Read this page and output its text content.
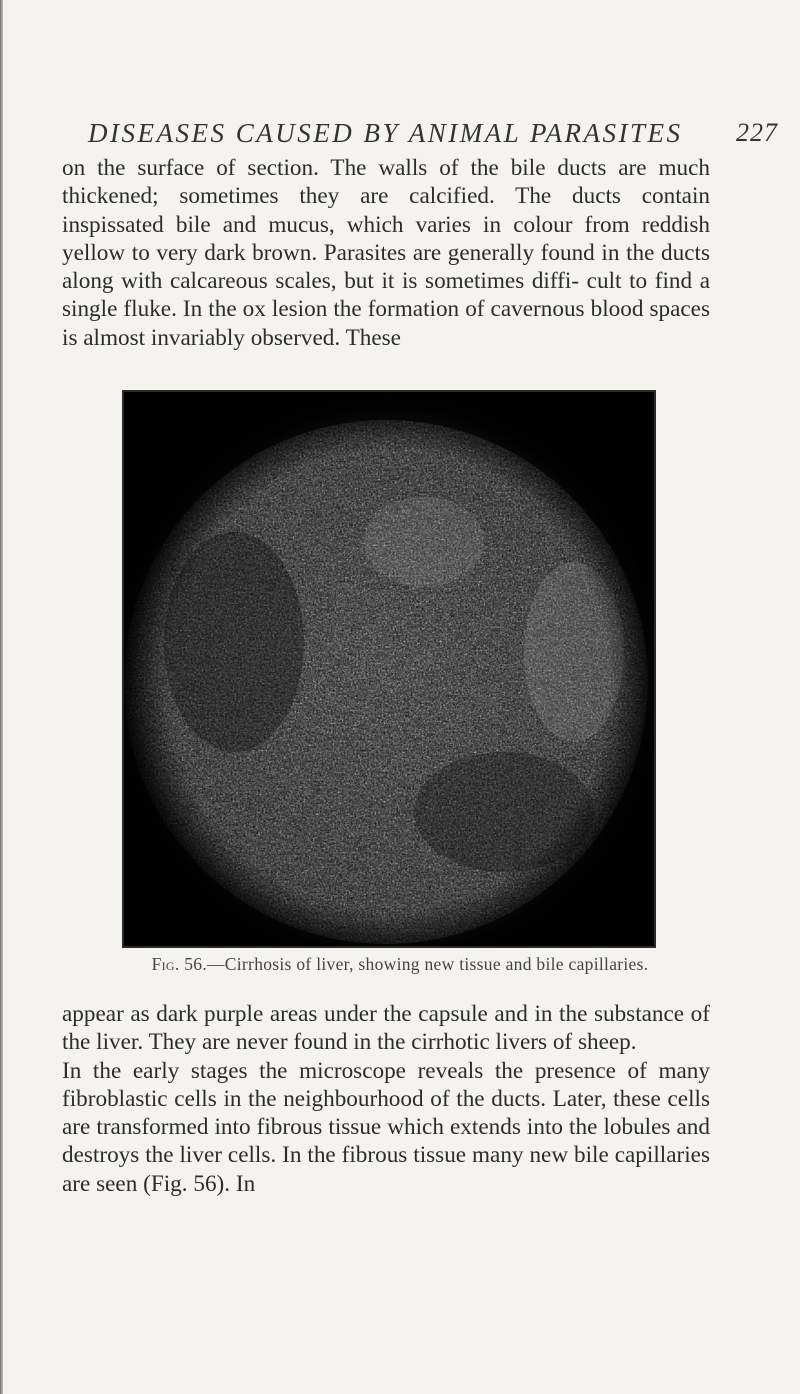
DISEASES CAUSED BY ANIMAL PARASITES 227

on the surface of section. The walls of the bile ducts are much thickened; sometimes they are calcified. The ducts contain inspissated bile and mucus, which varies in colour from reddish yellow to very dark brown. Parasites are generally found in the ducts along with calcareous scales, but it is sometimes diffi- cult to find a single fluke. In the ox lesion the formation of cavernous blood spaces is almost invariably observed. These

Fig. 56.—Cirrhosis of liver, showing new tissue and bile capillaries.

appear as dark purple areas under the capsule and in the substance of the liver. They are never found in the cirrhotic livers of sheep.

In the early stages the microscope reveals the presence of many fibroblastic cells in the neighbourhood of the ducts. Later, these cells are transformed into fibrous tissue which extends into the lobules and destroys the liver cells. In the fibrous tissue many new bile capillaries are seen (Fig. 56). In
